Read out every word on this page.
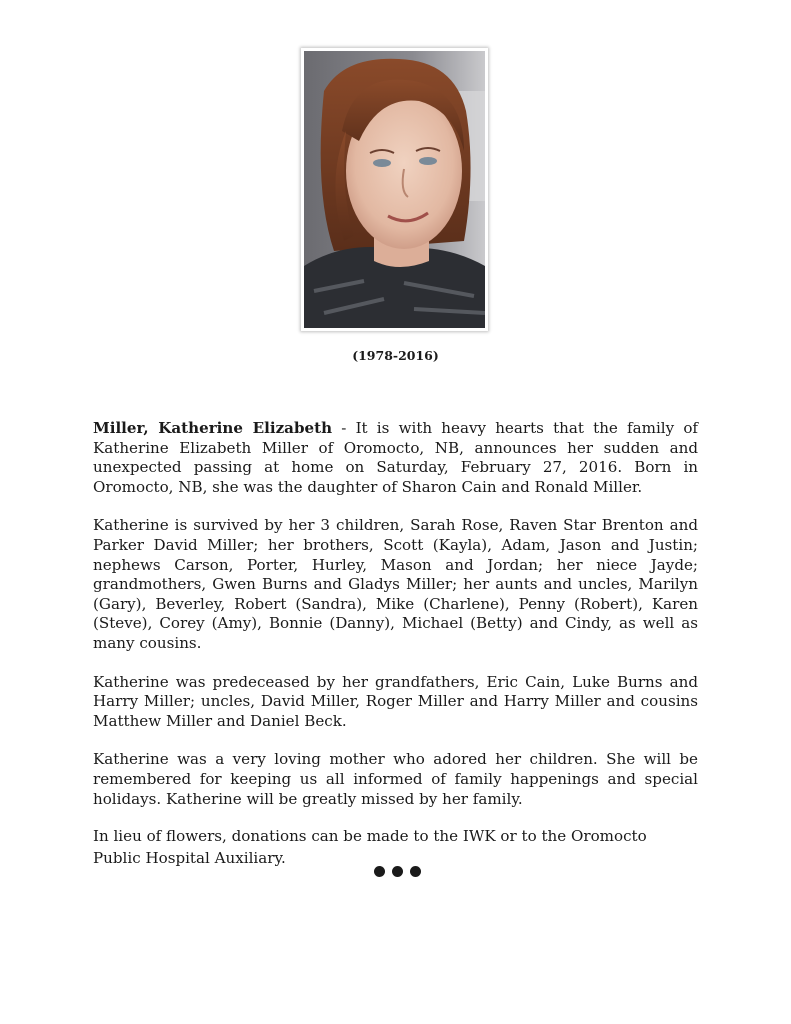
(1978-2016)

Miller, Katherine Elizabeth - It is with heavy hearts that the family of Katherine Elizabeth Miller of Oromocto, NB, announces her sudden and unexpected passing at home on Saturday, February 27, 2016. Born in Oromocto, NB, she was the daughter of Sharon Cain and Ronald Miller.

Katherine is survived by her 3 children, Sarah Rose, Raven Star Brenton and Parker David Miller; her brothers, Scott (Kayla), Adam, Jason and Justin; nephews Carson, Porter, Hurley, Mason and Jordan; her niece Jayde; grandmothers, Gwen Burns and Gladys Miller; her aunts and uncles, Marilyn (Gary), Beverley, Robert (Sandra), Mike (Charlene), Penny (Robert), Karen (Steve), Corey (Amy), Bonnie (Danny), Michael (Betty) and Cindy, as well as many cousins.

Katherine was predeceased by her grandfathers, Eric Cain, Luke Burns and Harry Miller; uncles, David Miller, Roger Miller and Harry Miller and cousins Matthew Miller and Daniel Beck.

Katherine was a very loving mother who adored her children. She will be remembered for keeping us all informed of family happenings and special holidays. Katherine will be greatly missed by her family.

In lieu of flowers, donations can be made to the IWK or to the Oromocto Public Hospital Auxiliary.
